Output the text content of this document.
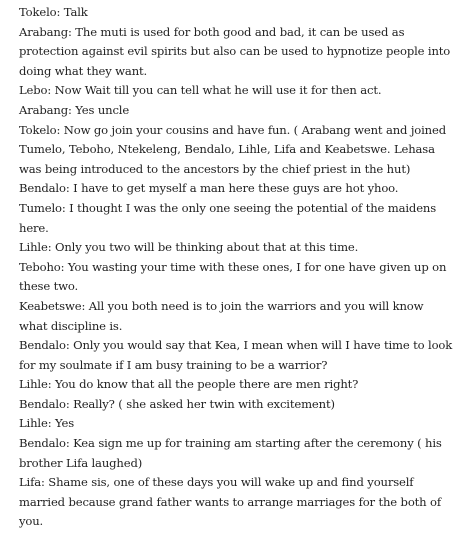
Tokelo: Talk

Arabang: The muti is used for both good and bad, it can be used as protection against evil spirits but also can be used to hypnotize people into doing what they want.

Lebo: Now Wait till you can tell what he will use it for then act.

Arabang: Yes uncle

Tokelo: Now go join your cousins and have fun. ( Arabang went and joined Tumelo, Teboho, Ntekeleng, Bendalo, Lihle, Lifa and Keabetswe. Lehasa was being introduced to the ancestors by the chief priest in the hut)

Bendalo: I have to get myself a man here these guys are hot yhoo.

Tumelo: I thought I was the only one seeing the potential of the maidens here.

Lihle: Only you two will be thinking about that at this time.

Teboho: You wasting your time with these ones, I for one have given up on these two.

Keabetswe: All you both need is to join the warriors and you will know what discipline is.

Bendalo: Only you would say that Kea, I mean when will I have time to look for my soulmate if I am busy training to be a warrior?

Lihle: You do know that all the people there are men right?

Bendalo: Really? ( she asked her twin with excitement)

Lihle: Yes

Bendalo: Kea sign me up for training am starting after the ceremony ( his brother Lifa laughed)

Lifa: Shame sis, one of these days you will wake up and find yourself married because grand father wants to arrange marriages for the both of you.
